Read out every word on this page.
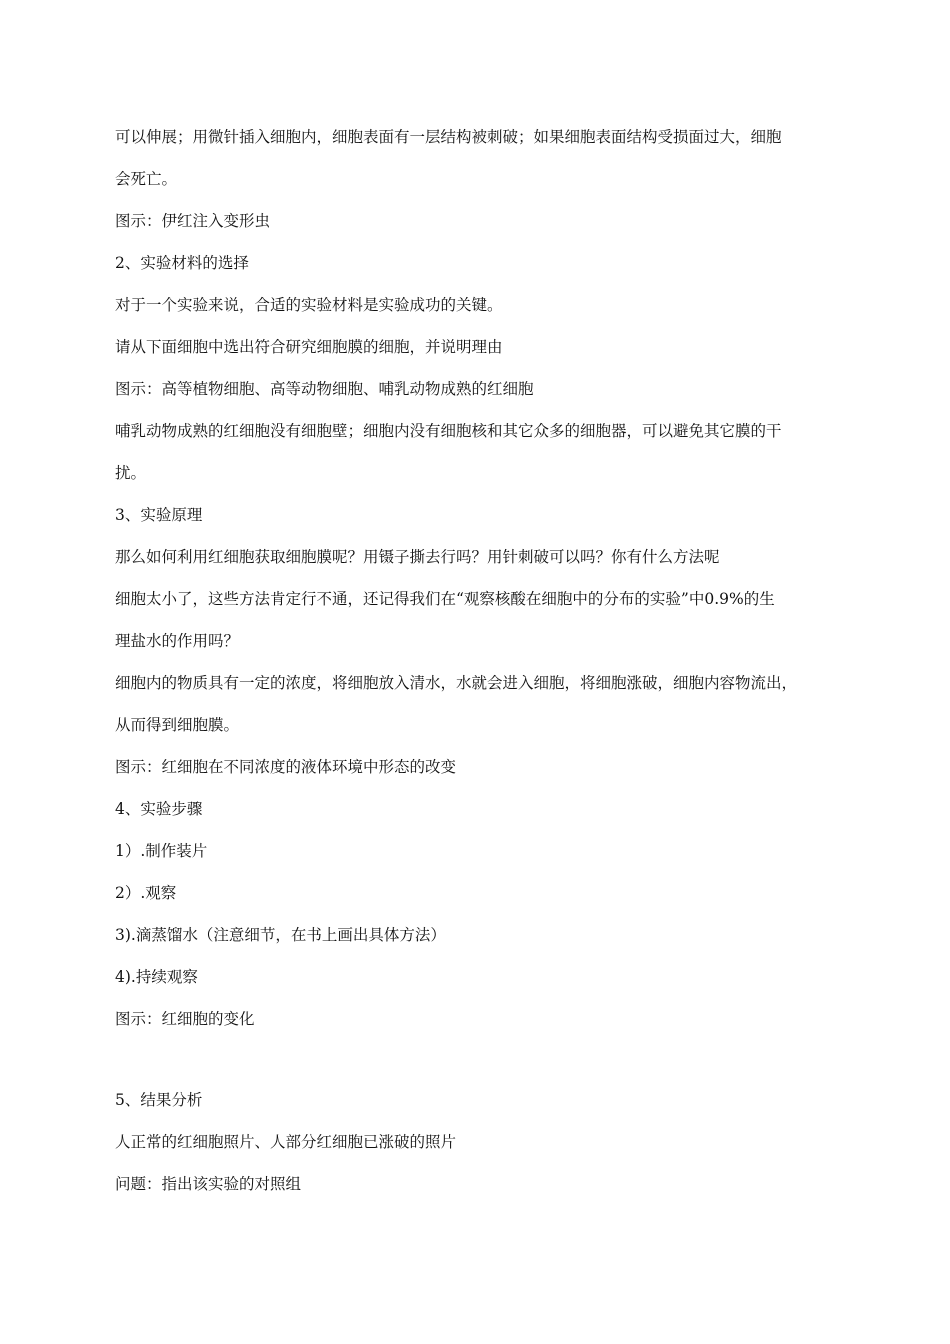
可以伸展；用微针插入细胞内，细胞表面有一层结构被刺破；如果细胞表面结构受损面过大，细胞
会死亡。
图示：伊红注入变形虫
2、实验材料的选择
对于一个实验来说，合适的实验材料是实验成功的关键。
请从下面细胞中选出符合研究细胞膜的细胞，并说明理由
图示：高等植物细胞、高等动物细胞、哺乳动物成熟的红细胞
哺乳动物成熟的红细胞没有细胞壁；细胞内没有细胞核和其它众多的细胞器，可以避免其它膜的干
扰。
3、实验原理
那么如何利用红细胞获取细胞膜呢？用镊子撕去行吗？用针刺破可以吗？你有什么方法呢
细胞太小了，这些方法肯定行不通，还记得我们在“观察核酸在细胞中的分布的实验”中0.9%的生
理盐水的作用吗？
细胞内的物质具有一定的浓度，将细胞放入清水，水就会进入细胞，将细胞涨破，细胞内容物流出，
从而得到细胞膜。
图示：红细胞在不同浓度的液体环境中形态的改变
4、实验步骤
1）.制作装片
2）.观察
3).滴蒸馏水（注意细节，在书上画出具体方法）
4).持续观察
图示：红细胞的变化
5、结果分析
人正常的红细胞照片、人部分红细胞已涨破的照片
问题：指出该实验的对照组
